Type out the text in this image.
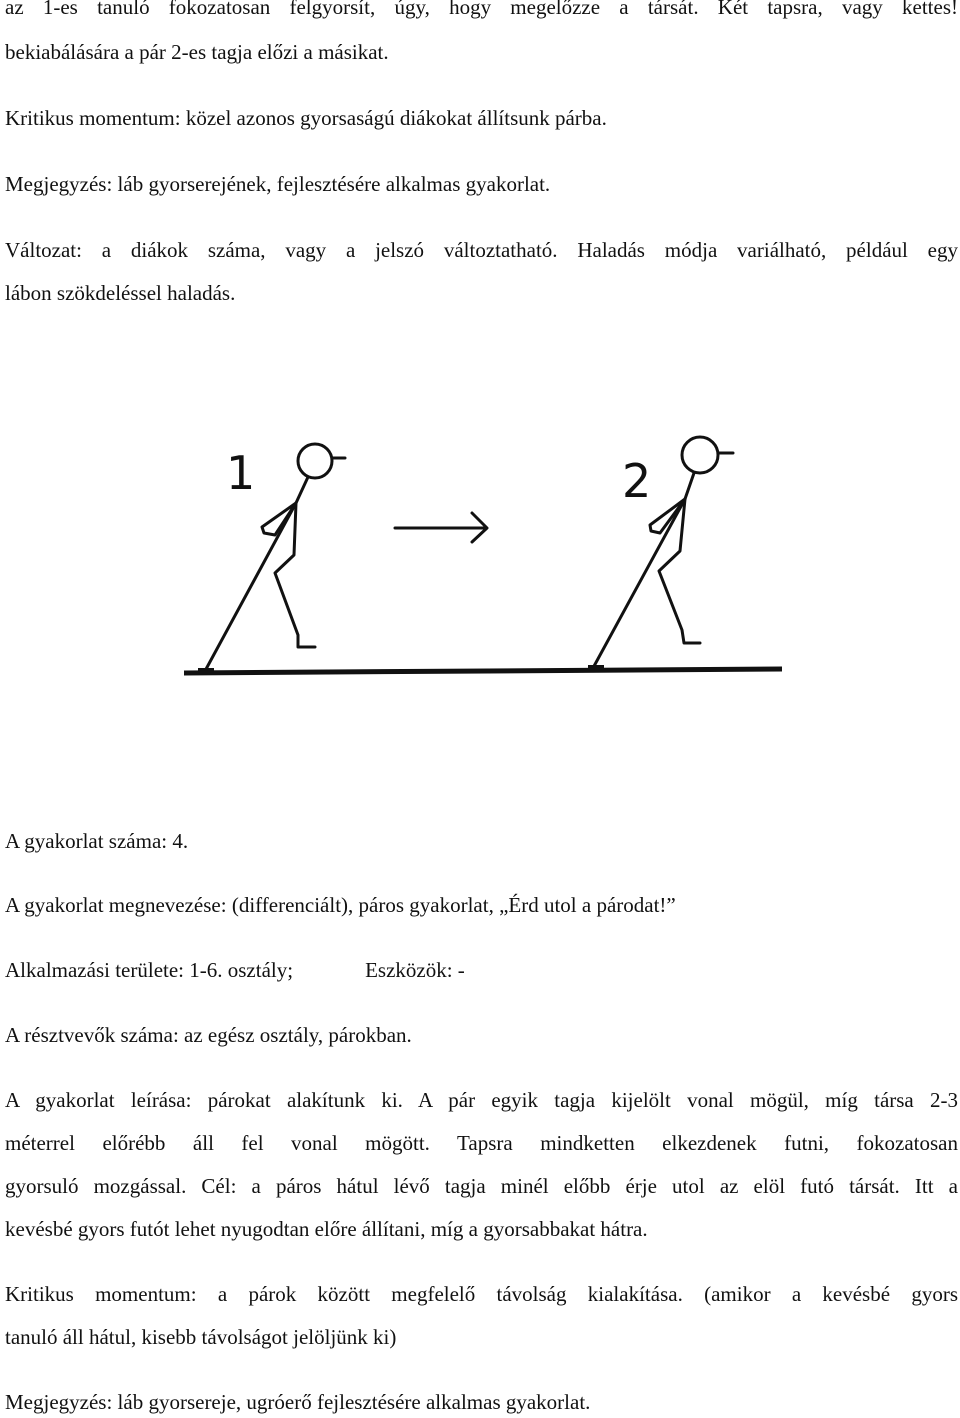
az 1-es tanuló fokozatosan felgyorsít, úgy, hogy megelőzze a társát. Két tapsra, vagy kettes!
bekiabálására a pár 2-es tagja előzi a másikat.
Kritikus momentum: közel azonos gyorsaságú diákokat állítsunk párba.
Megjegyzés: láb gyorserejének, fejlesztésére alkalmas gyakorlat.
Változat: a diákok száma, vagy a jelszó változtatható. Haladás módja variálható, például egy
lábon szökdeléssel haladás.
1	2
A gyakorlat száma: 4.
A gyakorlat megnevezése: (differenciált), páros gyakorlat, „Érd utol a párodat!”
Alkalmazási területe: 1-6. osztály;	Eszközök: -
A résztvevők száma: az egész osztály, párokban.
A gyakorlat leírása: párokat alakítunk ki. A pár egyik tagja kijelölt vonal mögül, míg társa 2-3
méterrel előrébb áll fel vonal mögött. Tapsra mindketten elkezdenek futni, fokozatosan
gyorsuló mozgással. Cél: a páros hátul lévő tagja minél előbb érje utol az elöl futó társát. Itt a
kevésbé gyors futót lehet nyugodtan előre állítani, míg a gyorsabbakat hátra.
Kritikus momentum: a párok között megfelelő távolság kialakítása. (amikor a kevésbé gyors
tanuló áll hátul, kisebb távolságot jelöljünk ki)
Megjegyzés: láb gyorsereje, ugróerő fejlesztésére alkalmas gyakorlat.
